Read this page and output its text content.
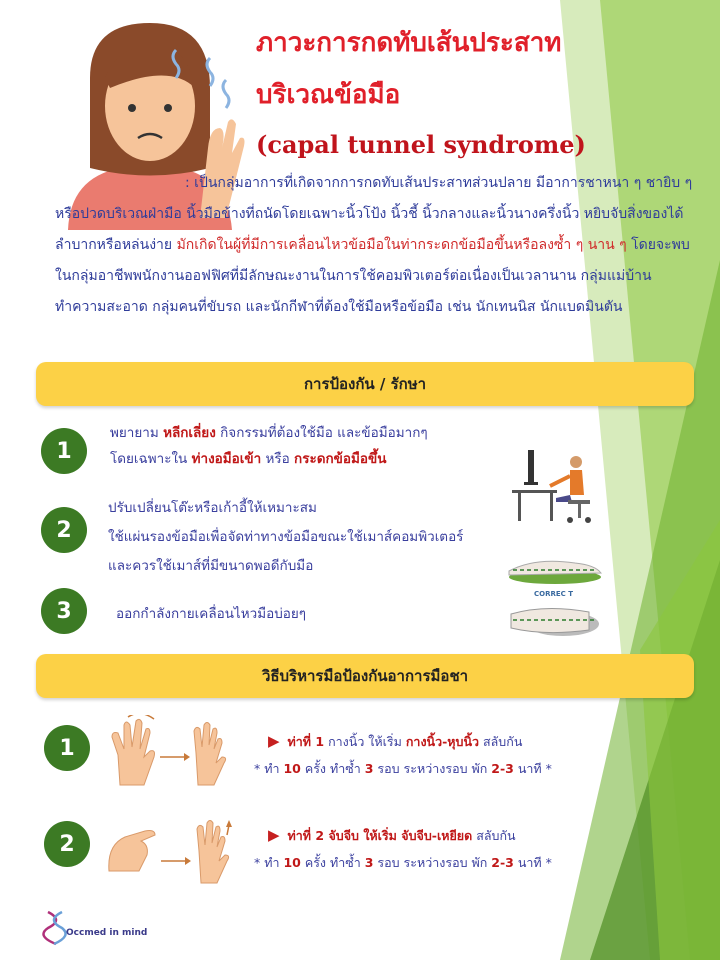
ภาวะการกดทับเส้นประสาท
บริเวณข้อมือ
(capal tunnel syndrome)
: เป็นกลุ่มอาการที่เกิดจากการกดทับเส้นประสาทส่วนปลาย มีอาการชาหนา ๆ ชายิบ ๆ หรือปวดบริเวณฝ่ามือ นิ้วมือข้างที่ถนัดโดยเฉพาะนิ้วโป้ง นิ้วชี้ นิ้วกลางและนิ้วนางครึ่งนิ้ว หยิบจับสิ่งของได้ลำบากหรือหล่นง่าย มักเกิดในผู้ที่มีการเคลื่อนไหวข้อมือในท่ากระดกข้อมือขึ้นหรือลงซ้ำ ๆ นาน ๆ โดยจะพบในกลุ่มอาชีพพนักงานออฟฟิศที่มีลักษณะงานในการใช้คอมพิวเตอร์ต่อเนื่องเป็นเวลานาน กลุ่มแม่บ้านทำความสะอาด กลุ่มคนที่ขับรถ และนักกีฬาที่ต้องใช้มือหรือข้อมือ เช่น นักเทนนิส นักแบดมินตัน
การป้องกัน / รักษา
1
พยายาม หลีกเลี่ยง กิจกรรมที่ต้องใช้มือ และข้อมือมากๆ
โดยเฉพาะใน ท่างอมือเข้า หรือ กระดกข้อมือขึ้น
2
ปรับเปลี่ยนโต๊ะหรือเก้าอี้ให้เหมาะสม
ใช้แผ่นรองข้อมือเพื่อจัดท่าทางข้อมือขณะใช้เมาส์คอมพิวเตอร์
และควรใช้เมาส์ที่มีขนาดพอดีกับมือ
CORREC T
3	ออกกำลังกายเคลื่อนไหวมือบ่อยๆ
วิธีบริหารมือป้องกันอาการมือชา
1	▶ ท่าที่ 1 กางนิ้ว ให้เริ่ม กางนิ้ว-หุบนิ้ว สลับกัน
* ทำ 10 ครั้ง ทำซ้ำ 3 รอบ ระหว่างรอบ พัก 2-3 นาที *
2	▶ ท่าที่ 2 จับจีบ ให้เริ่ม จับจีบ-เหยียด สลับกัน
* ทำ 10 ครั้ง ทำซ้ำ 3 รอบ ระหว่างรอบ พัก 2-3 นาที *
Occmed in mind
